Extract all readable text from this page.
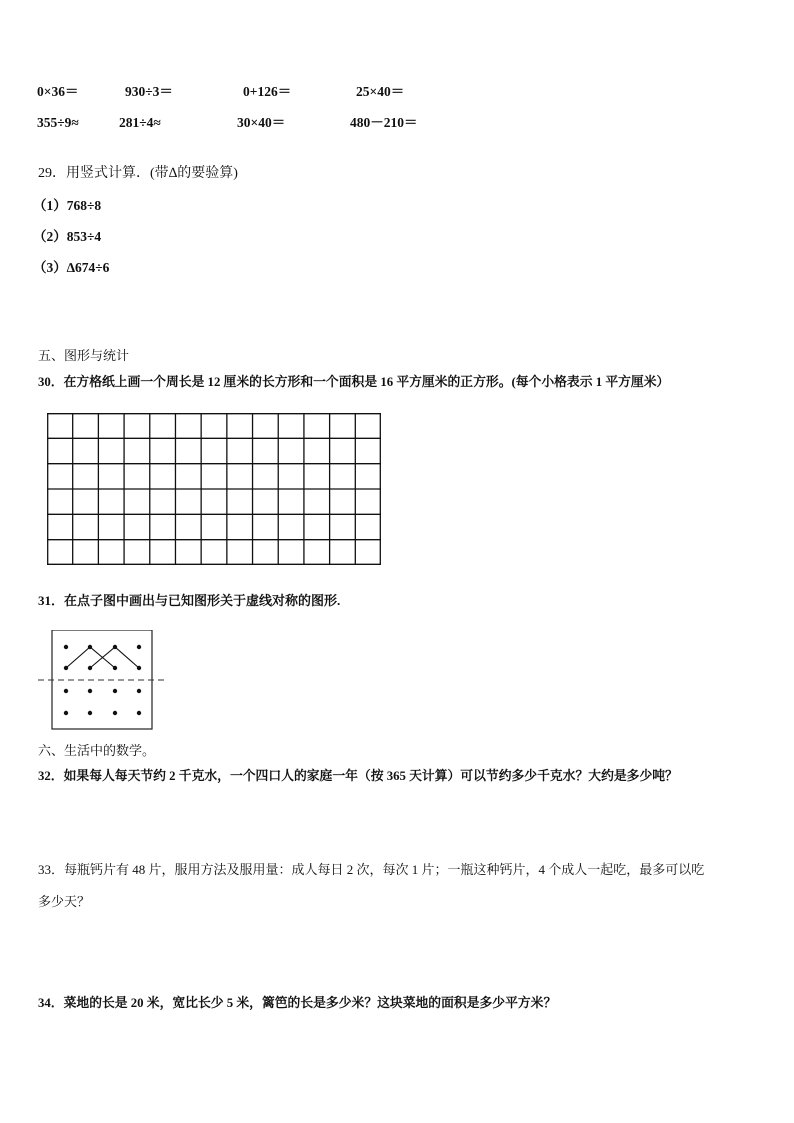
0×36＝	930÷3＝	0+126＝	25×40＝
355÷9≈	281÷4≈	30×40＝	480－210＝
29．用竖式计算．(带∆的要验算)
（1）768÷8
（2）853÷4
（3）∆674÷6
五、图形与统计
30．在方格纸上画一个周长是 12 厘米的长方形和一个面积是 16 平方厘米的正方形。(每个小格表示 1 平方厘米）
31．在点子图中画出与已知图形关于虚线对称的图形.
六、生活中的数学。
32．如果每人每天节约 2 千克水，一个四口人的家庭一年（按 365 天计算）可以节约多少千克水？大约是多少吨？
33．每瓶钙片有 48 片，服用方法及服用量：成人每日 2 次，每次 1 片；一瓶这种钙片，4 个成人一起吃，最多可以吃
多少天？
34．菜地的长是 20 米，宽比长少 5 米，篱笆的长是多少米？这块菜地的面积是多少平方米？
